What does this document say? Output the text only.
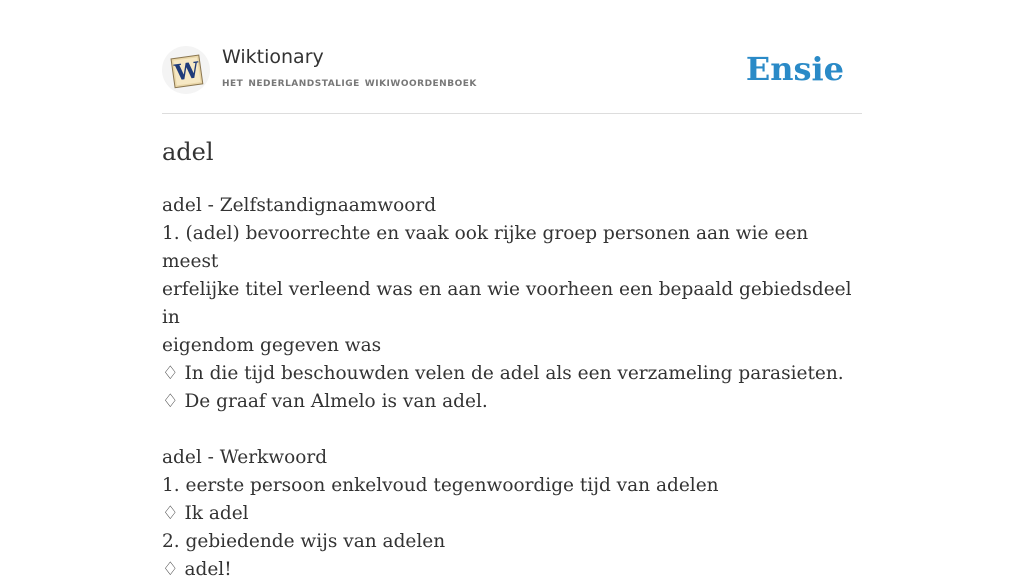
W
Wiktionary
het nederlandstalige wikiwoordenboek	Ensie
adel

adel - Zelfstandignaamwoord

1. (adel) bevoorrechte en vaak ook rijke groep personen aan wie een meest

erfelijke titel verleend was en aan wie voorheen een bepaald gebiedsdeel in

eigendom gegeven was

♢ In die tijd beschouwden velen de adel als een verzameling parasieten.

♢ De graaf van Almelo is van adel.

adel - Werkwoord

1. eerste persoon enkelvoud tegenwoordige tijd van adelen

♢ Ik adel

2. gebiedende wijs van adelen

♢ adel!
